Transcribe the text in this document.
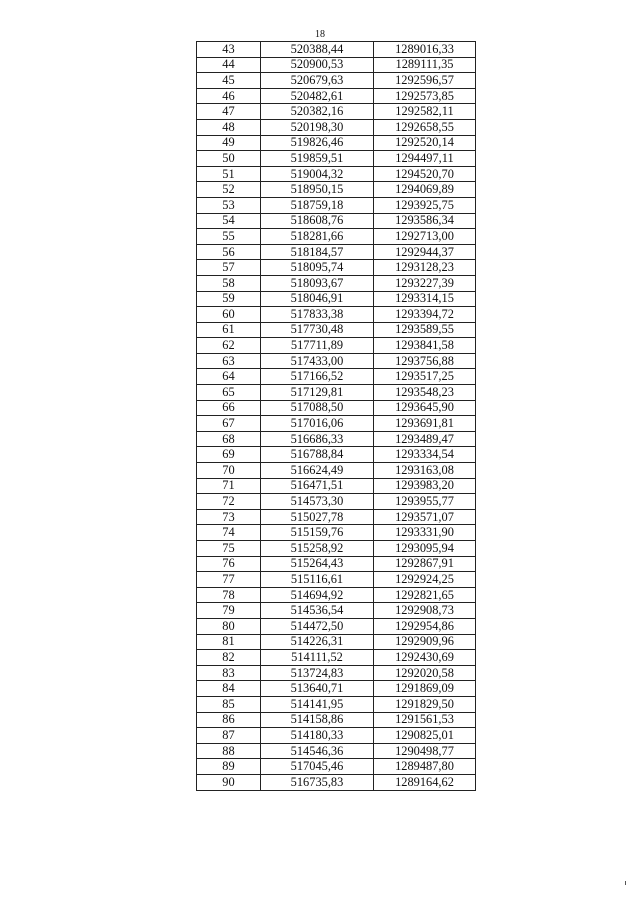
18
43	520388,44	1289016,33
44	520900,53	1289111,35
45	520679,63	1292596,57
46	520482,61	1292573,85
47	520382,16	1292582,11
48	520198,30	1292658,55
49	519826,46	1292520,14
50	519859,51	1294497,11
51	519004,32	1294520,70
52	518950,15	1294069,89
53	518759,18	1293925,75
54	518608,76	1293586,34
55	518281,66	1292713,00
56	518184,57	1292944,37
57	518095,74	1293128,23
58	518093,67	1293227,39
59	518046,91	1293314,15
60	517833,38	1293394,72
61	517730,48	1293589,55
62	517711,89	1293841,58
63	517433,00	1293756,88
64	517166,52	1293517,25
65	517129,81	1293548,23
66	517088,50	1293645,90
67	517016,06	1293691,81
68	516686,33	1293489,47
69	516788,84	1293334,54
70	516624,49	1293163,08
71	516471,51	1293983,20
72	514573,30	1293955,77
73	515027,78	1293571,07
74	515159,76	1293331,90
75	515258,92	1293095,94
76	515264,43	1292867,91
77	515116,61	1292924,25
78	514694,92	1292821,65
79	514536,54	1292908,73
80	514472,50	1292954,86
81	514226,31	1292909,96
82	514111,52	1292430,69
83	513724,83	1292020,58
84	513640,71	1291869,09
85	514141,95	1291829,50
86	514158,86	1291561,53
87	514180,33	1290825,01
88	514546,36	1290498,77
89	517045,46	1289487,80
90	516735,83	1289164,62
